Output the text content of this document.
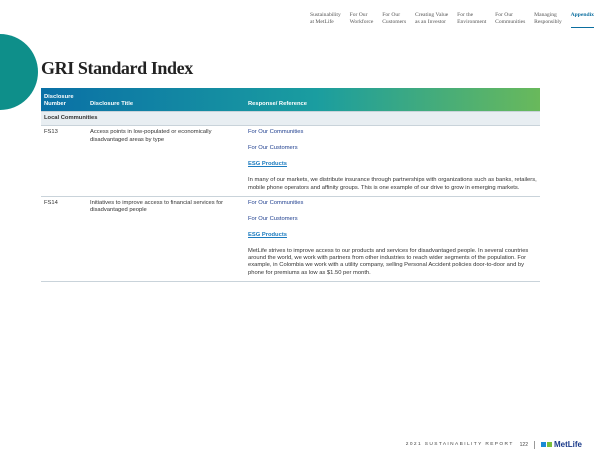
Sustainability
at MetLife
For Our
Workforce
For Our
Customers
Creating Value
as an Investor
For the
Environment
For Our
Communities
Managing
Responsibly
Appendix
GRI Standard Index
Disclosure
Number	Disclosure Title	Response/ Reference
Local Communities		
FS13	Access points in low-populated or economically disadvantaged areas by type	For Our Communities
For Our Customers
ESG Products

In many of our markets, we distribute insurance through partnerships with organizations such as banks, retailers, mobile phone operators and affinity groups. This is one example of our drive to grow in emerging markets.

FS14	Initiatives to improve access to financial services for disadvantaged people	For Our Communities
For Our Customers
ESG Products

MetLife strives to improve access to our products and services for disadvantaged people. In several countries around the world, we work with partners from other industries to reach wider segments of the population. For example, in Colombia we work with a utility company, selling Personal Accident policies door-to-door and by phone for premiums as low as $1.50 per month.

2021 SUSTAINABILITY REPORT 122	MetLife
